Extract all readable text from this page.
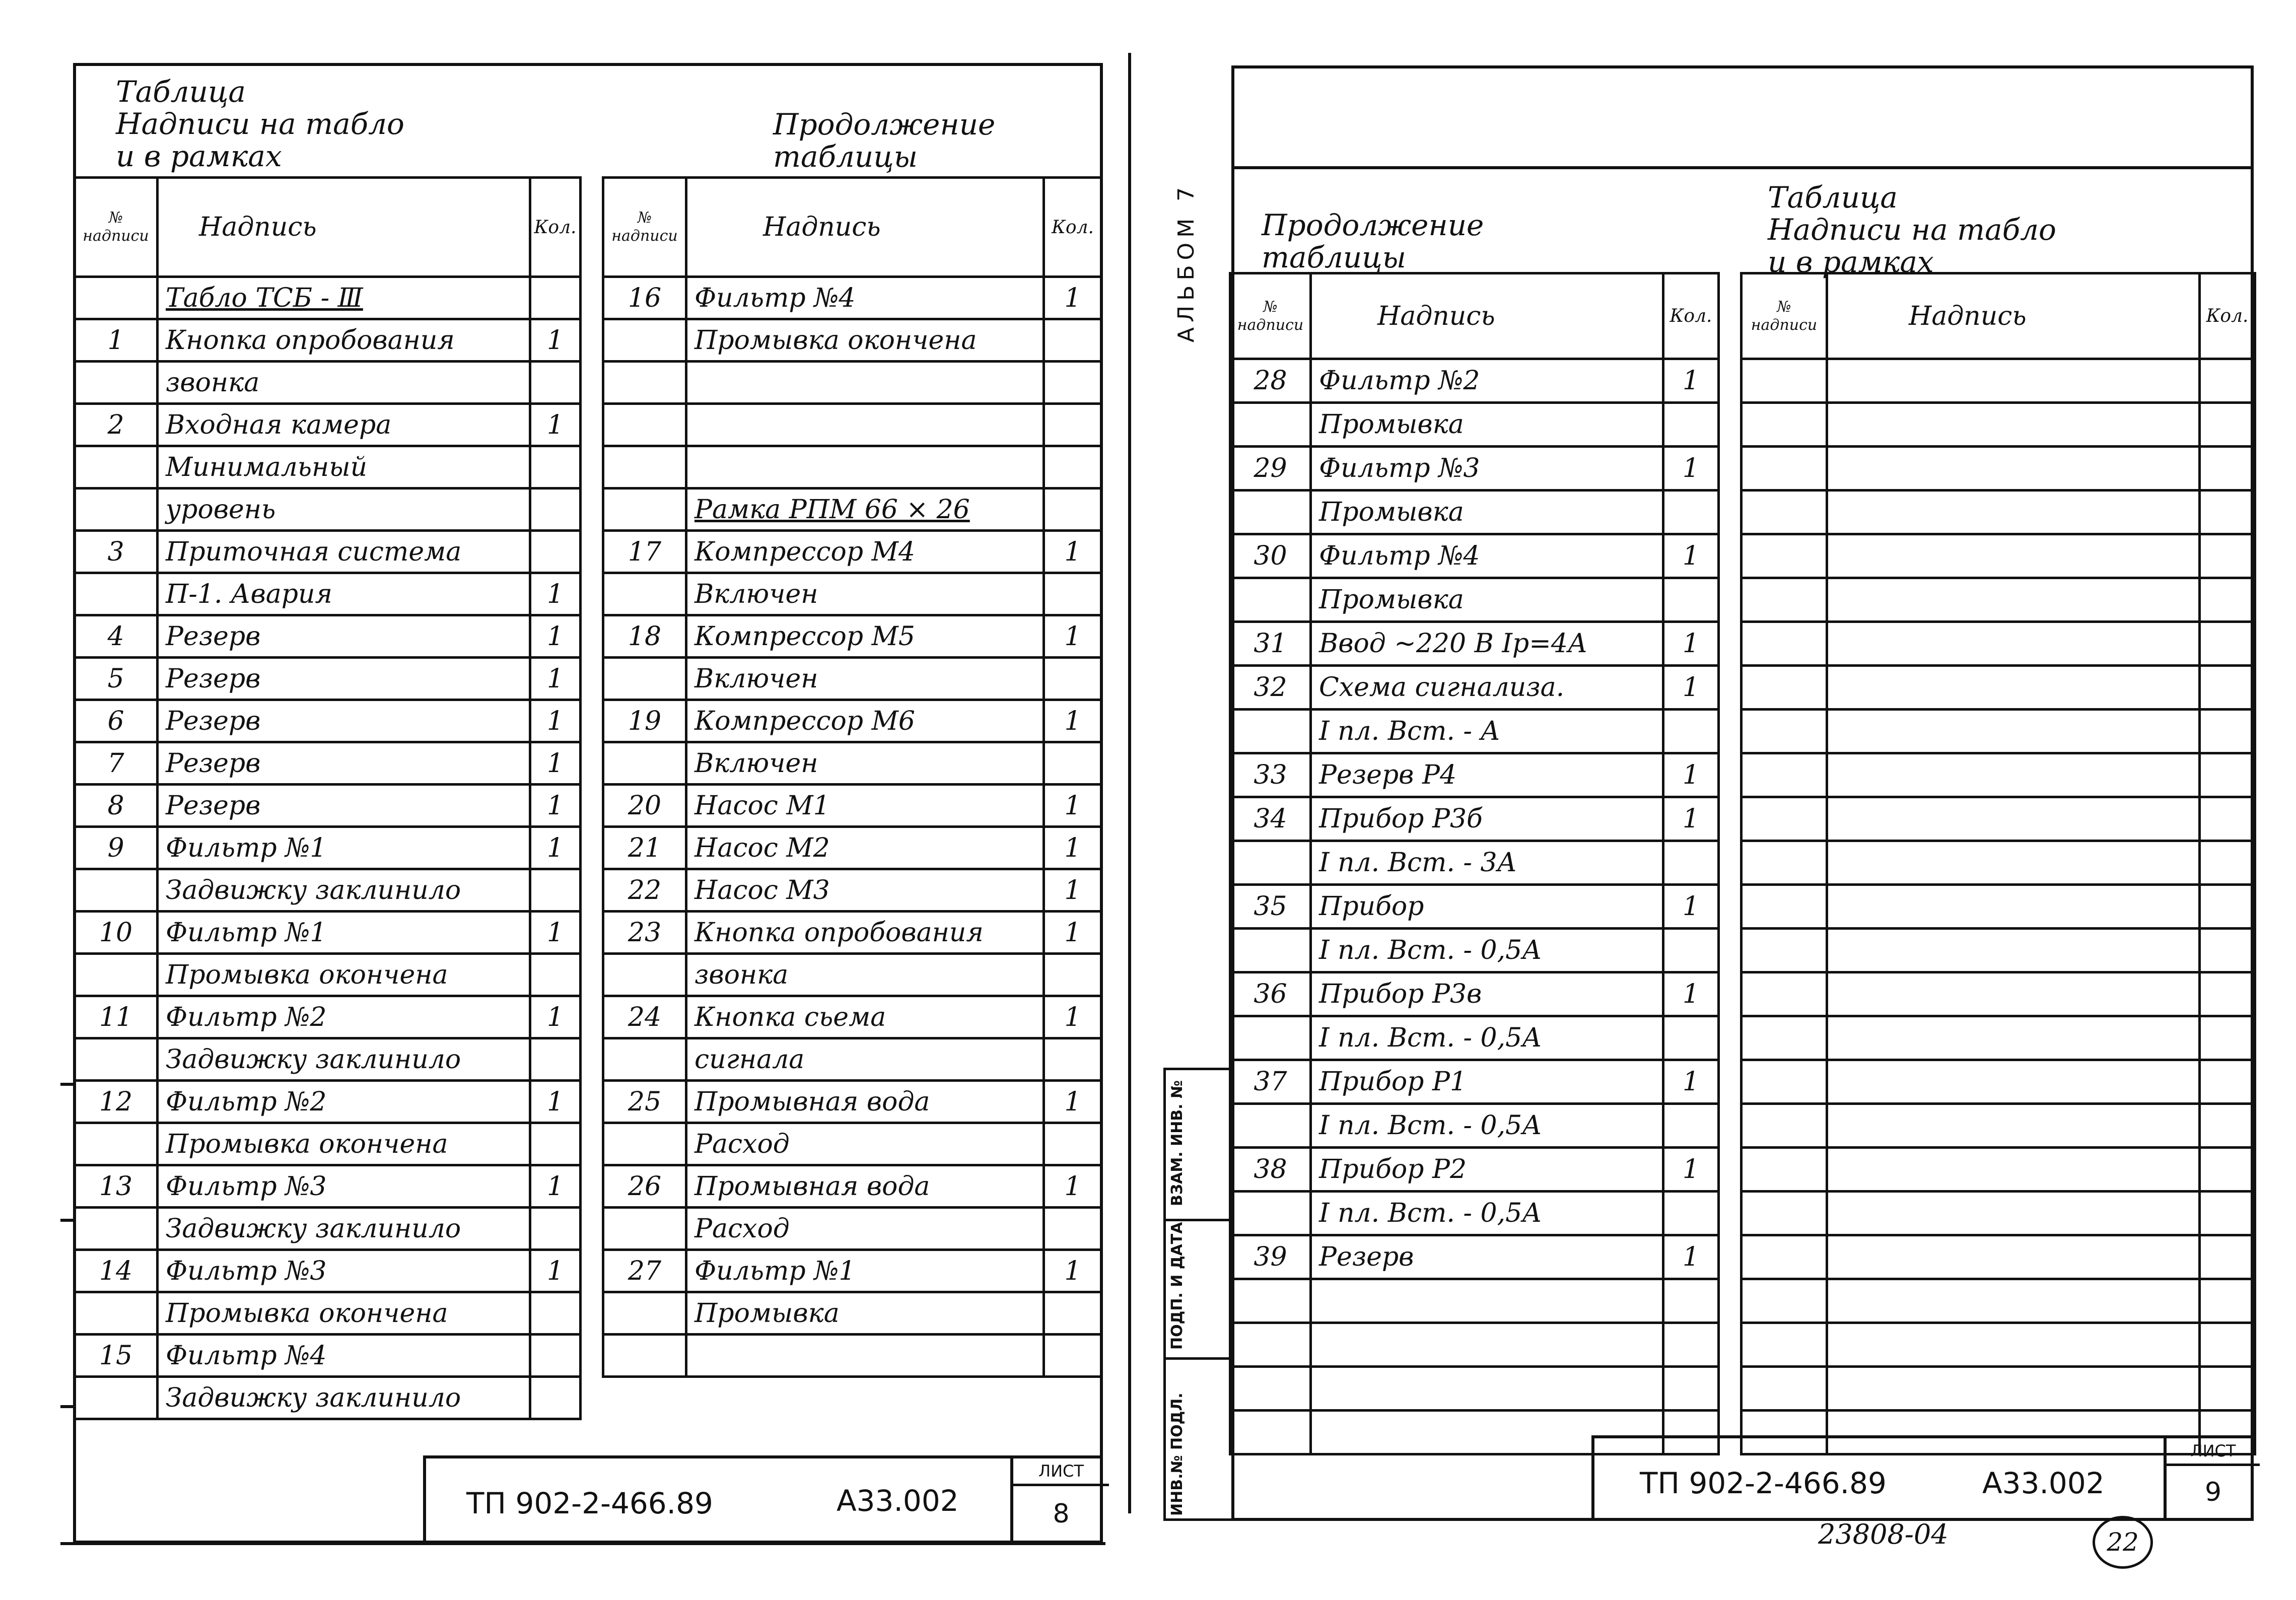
Таблица
Надписи на табло
и в рамках
Продолжение
таблицы
№
надписи	Надпись	Кол.
	Табло ТСБ - Ⅲ	
1	Кнопка опробования	1
	звонка	
2	Входная камера	1
	Минимальный	
	уровень	
3	Приточная система	
	П-1. Авария	1
4	Резерв	1
5	Резерв	1
6	Резерв	1
7	Резерв	1
8	Резерв	1
9	Фильтр №1	1
	Задвижку заклинило	
10	Фильтр №1	1
	Промывка окончена	
11	Фильтр №2	1
	Задвижку заклинило	
12	Фильтр №2	1
	Промывка окончена	
13	Фильтр №3	1
	Задвижку заклинило	
14	Фильтр №3	1
	Промывка окончена	
15	Фильтр №4	
	Задвижку заклинило	
№
надписи	Надпись	Кол.
16	Фильтр №4	1
	Промывка окончена	

	Рамка РПМ 66 × 26	
17	Компрессор М4	1
	Включен	
18	Компрессор М5	1
	Включен	
19	Компрессор М6	1
	Включен	
20	Насос М1	1
21	Насос М2	1
22	Насос М3	1
23	Кнопка опробования	1
	звонка	
24	Кнопка сьема	1
	сигнала	
25	Промывная вода	1
	Расход	
26	Промывная вода	1
	Расход	
27	Фильтр №1	1
	Промывка	

ТП 902-2-466.89	А33.002
ЛИСТ
8
АЛЬБОМ 7 Продолжение
таблицы
Таблица
Надписи на табло
и в рамках
ИНВ.№ ПОДЛ.
ПОДП. И ДАТА
ВЗАМ. ИНВ. №
№
надписи	Надпись	Кол.
28	Фильтр №2	1
	Промывка	
29	Фильтр №3	1
	Промывка	
30	Фильтр №4	1
	Промывка	
31	Ввод ~220 В Iр=4А	1
32	Схема сигнализа.	1
	I пл. Вст. - А	
33	Резерв Р4	1
34	Прибор Р3б	1
	I пл. Вст. - 3А	
35	Прибор	1
	I пл. Вст. - 0,5А	
36	Прибор Р3в	1
	I пл. Вст. - 0,5А	
37	Прибор Р1	1
	I пл. Вст. - 0,5А	
38	Прибор Р2	1
	I пл. Вст. - 0,5А	
39	Резерв	1

№
надписи	Надпись	Кол.

ТП 902-2-466.89	А33.002
ЛИСТ
9
23808-04	22
